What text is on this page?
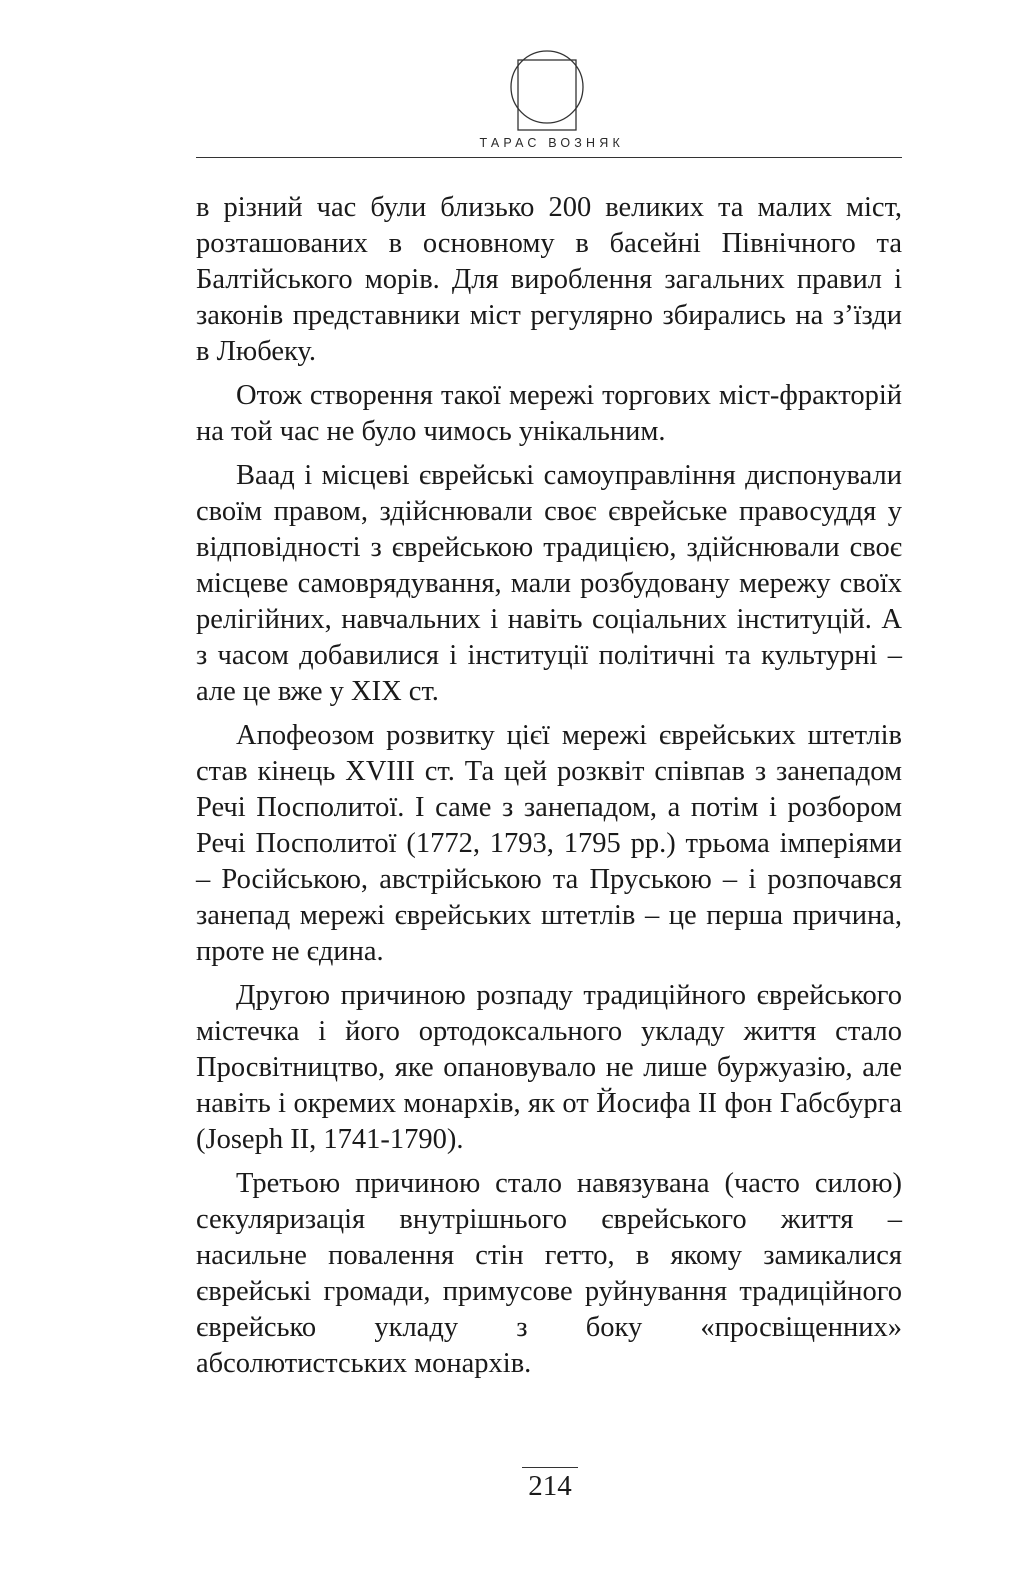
ТАРАС ВОЗНЯК

в різний час були близько 200 великих та малих міст, розташованих в основному в басейні Північного та Балтійського морів. Для вироблення загальних правил і законів представники міст регулярно збирались на з’їзди в Любеку.

Отож створення такої мережі торгових міст-фракторій на той час не було чимось унікальним.

Ваад і місцеві єврейські самоуправління диспонували своїм правом, здійснювали своє єврейське правосуддя у відповідності з єврейською традицією, здійснювали своє місцеве самоврядування, мали розбудовану мережу своїх релігійних, навчальних і навіть соціальних інституцій. А з часом добавилися і інституції політичні та культурні – але це вже у ХІХ ст.

Апофеозом розвитку цієї мережі єврейських штетлів став кінець XVIII ст. Та цей розквіт співпав з занепадом Речі Посполитої. І саме з занепадом, а потім і розбором Речі Посполитої (1772, 1793, 1795 рр.) трьома імперіями – Російською, австрійською та Пруською – і розпочався занепад мережі єврейських штетлів – це перша причина, проте не єдина.

Другою причиною розпаду традиційного єврейського містечка і його ортодоксального укладу життя стало Просвітництво, яке опановувало не лише буржуазію, але навіть і окремих монархів, як от Йосифа ІІ фон Габсбурга (Joseph II, 1741-1790).

Третьою причиною стало навязувана (часто силою) секуляризація внутрішнього єврейського життя – насильне повалення стін гетто, в якому замикалися єврейські громади, примусове руйнування традиційного єврейсько укладу з боку «просвіщенних» абсолютистських монархів.

214
